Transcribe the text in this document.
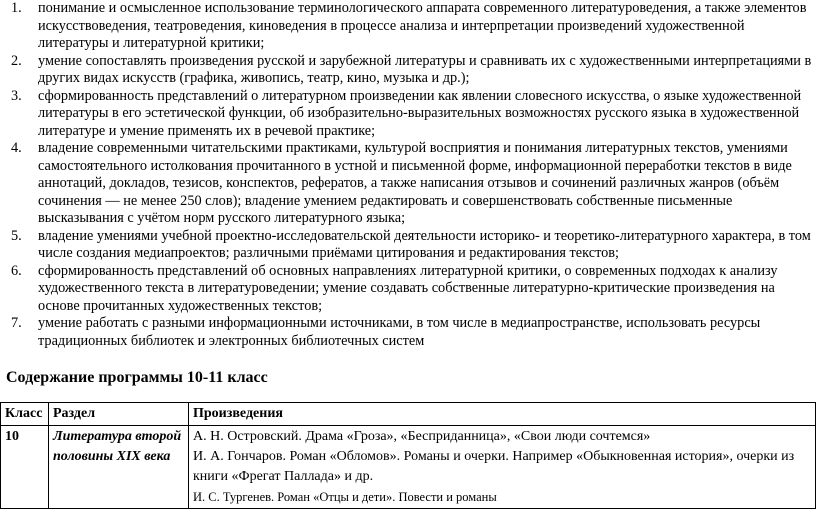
1. понимание и осмысленное использование терминологического аппарата современного литературоведения, а также элементов искусствоведения, театроведения, киноведения в процессе анализа и интерпретации произведений художественной литературы и литературной критики;
2. умение сопоставлять произведения русской и зарубежной литературы и сравнивать их с художественными интерпретациями в других видах искусств (графика, живопись, театр, кино, музыка и др.);
3. сформированность представлений о литературном произведении как явлении словесного искусства, о языке художественной литературы в его эстетической функции, об изобразительно-выразительных возможностях русского языка в художественной литературе и умение применять их в речевой практике;
4. владение современными читательскими практиками, культурой восприятия и понимания литературных текстов, умениями самостоятельного истолкования прочитанного в устной и письменной форме, информационной переработки текстов в виде аннотаций, докладов, тезисов, конспектов, рефератов, а также написания отзывов и сочинений различных жанров (объём сочинения — не менее 250 слов); владение умением редактировать и совершенствовать собственные письменные высказывания с учётом норм русского литературного языка;
5. владение умениями учебной проектно-исследовательской деятельности историко- и теоретико-литературного характера, в том числе создания медиапроектов; различными приёмами цитирования и редактирования текстов;
6. сформированность представлений об основных направлениях литературной критики, о современных подходах к анализу художественного текста в литературоведении; умение создавать собственные литературно-критические произведения на основе прочитанных художественных текстов;
7. умение работать с разными информационными источниками, в том числе в медиапространстве, использовать ресурсы традиционных библиотек и электронных библиотечных систем
Содержание программы 10-11 класс
Класс	Раздел	Произведения
10	Литература второй половины XIX века	А. Н. Островский. Драма «Гроза», «Бесприданница», «Свои люди сочтемся»
И. А. Гончаров. Роман «Обломов». Романы и очерки. Например «Обыкновенная история», очерки из книги «Фрегат Паллада» и др.
И. С. Тургенев. Роман «Отцы и дети». Повести и романы
